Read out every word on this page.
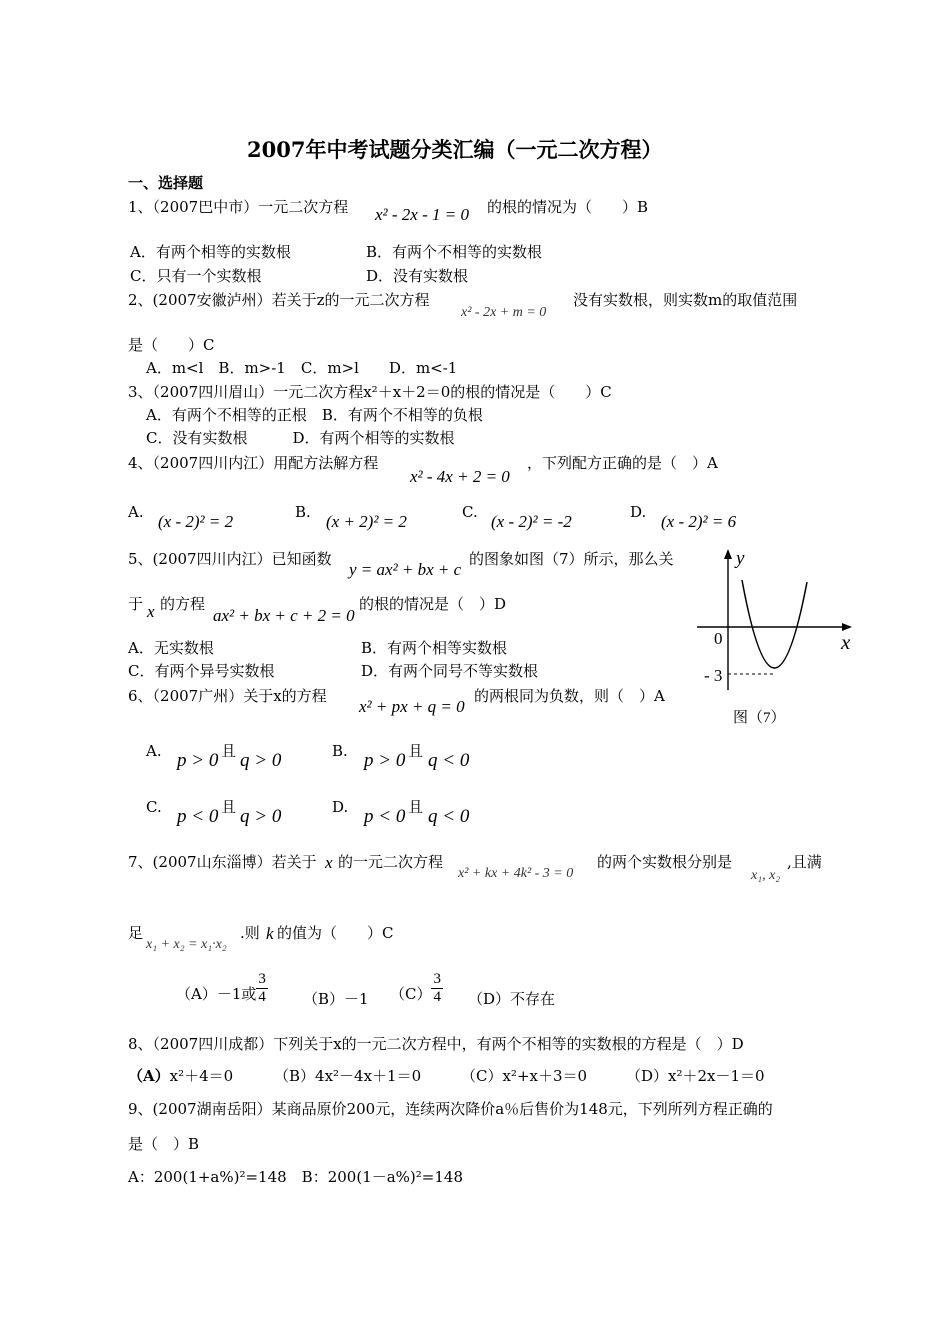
2007年中考试题分类汇编（一元二次方程）
一、选择题
1、（2007巴中市）一元二次方程 x² - 2x - 1 = 0 的根的情况为（　　）B
A．有两个相等的实数根	B．有两个不相等的实数根
C．只有一个实数根	D．没有实数根
2、(2007安徽泸州）若关于z的一元二次方程
x² - 2x + m = 0
没有实数根，则实数m的取值范围
是（　　）C
A．m<l　B．m>-1　C．m>l　　D．m<-1
3、（2007四川眉山）一元二次方程x²＋x＋2＝0的根的情况是（　　）C
A．有两个不相等的正根　B．有两个不相等的负根
C．没有实数根　　　D．有两个相等的实数根
4、（2007四川内江）用配方法解方程
x² - 4x + 2 = 0
，下列配方正确的是（　）A
A. (x - 2)² = 2	B. (x + 2)² = 2	C. (x - 2)² = -2	D. (x - 2)² = 6
5、(2007四川内江）已知函数
y = ax² + bx + c
的图象如图（7）所示，那么关
于 x 的方程
ax² + bx + c + 2 = 0
的根的情况是（　）D
A．无实数根	B．有两个相等实数根
C．有两个异号实数根	D．有两个同号不等实数根
y
x
0
- 3
图（7）
6、（2007广州）关于x的方程
x² + px + q = 0
的两根同为负数，则（　）A
A. p > 0 且 q > 0	B. p > 0 且 q < 0
C. p < 0 且 q > 0	D. p < 0 且 q < 0
7、(2007山东淄博）若关于 x 的一元二次方程
x² + kx + 4k² - 3 = 0
的两个实数根分别是
x₁, x₂
,且满
足
x₁ + x₂ = x₁·x₂
.则 k 的值为（　　）C
（A）－1或 $\frac{3}{4} (B)-1$ $(C) \frac{3}{4} (D)$不存在
8、（2007四川成都）下列关于x的一元二次方程中，有两个不相等的实数根的方程是（　）D
（A）x²＋4＝0	（B）4x²－4x＋1＝0	（C）x²+x＋3＝0	（D）x²＋2x－1＝0
9、(2007湖南岳阳）某商品原价200元，连续两次降价a％后售价为148元，下列所列方程正确的
是（　）B
A：200(1+a%)²=148　B：200(1－a%)²=148
